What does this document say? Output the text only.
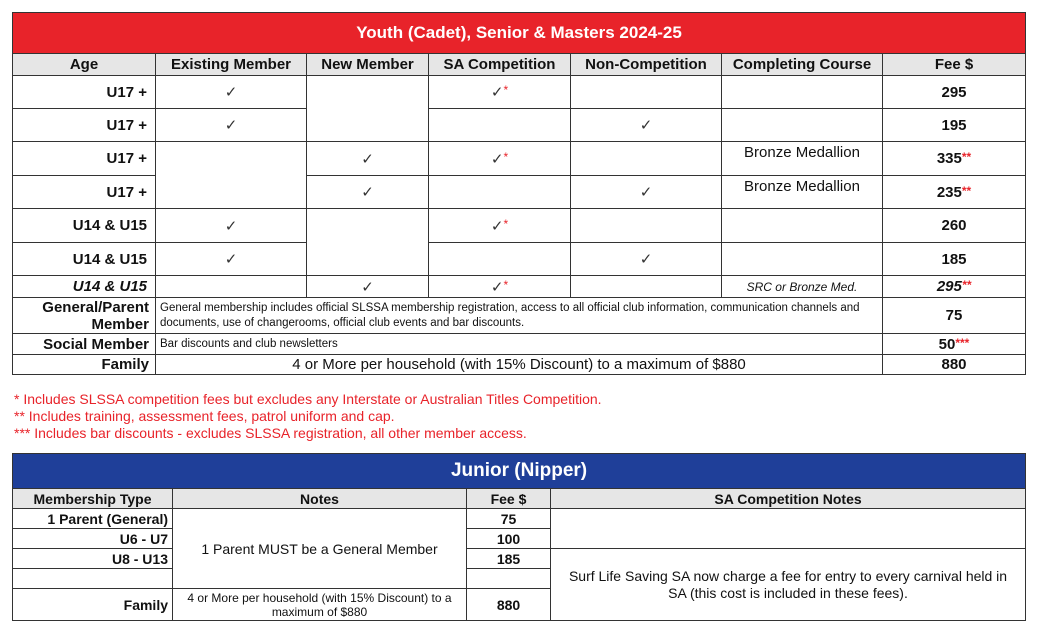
Youth (Cadet), Senior & Masters 2024-25						
Age	Existing Member	New Member	SA Competition	Non-Competition	Completing Course	Fee $
U17 +	✓		✓*			295
U17 +	✓			✓		195
U17 +		✓	✓*		Bronze Medallion	335**
U17 +		✓		✓	Bronze Medallion	235**
U14 & U15	✓		✓*			260
U14 & U15	✓			✓		185
U14 & U15		✓	✓*		SRC or Bronze Med.	295**

General/Parent
Member	General membership includes official SLSSA membership registration, access to all official club information, communication channels and documents, use of changerooms, official club events and bar discounts.					75
Social Member	Bar discounts and club newsletters					50***
Family	4 or More per household (with 15% Discount) to a maximum of $880					880
* Includes SLSSA competition fees but excludes any Interstate or Australian Titles Competition.
** Includes training, assessment fees, patrol uniform and cap.
*** Includes bar discounts - excludes SLSSA registration, all other member access.
Junior (Nipper)			
Membership Type	Notes	Fee $	SA Competition Notes
1 Parent (General)	1 Parent MUST be a General Member	75	
U6 - U7		100	
U8 - U13		185	Surf Life Saving SA now charge a fee for entry to every carnival held in SA (this cost is included in these fees).

Family	4 or More per household (with 15% Discount) to a maximum of $880	880	
